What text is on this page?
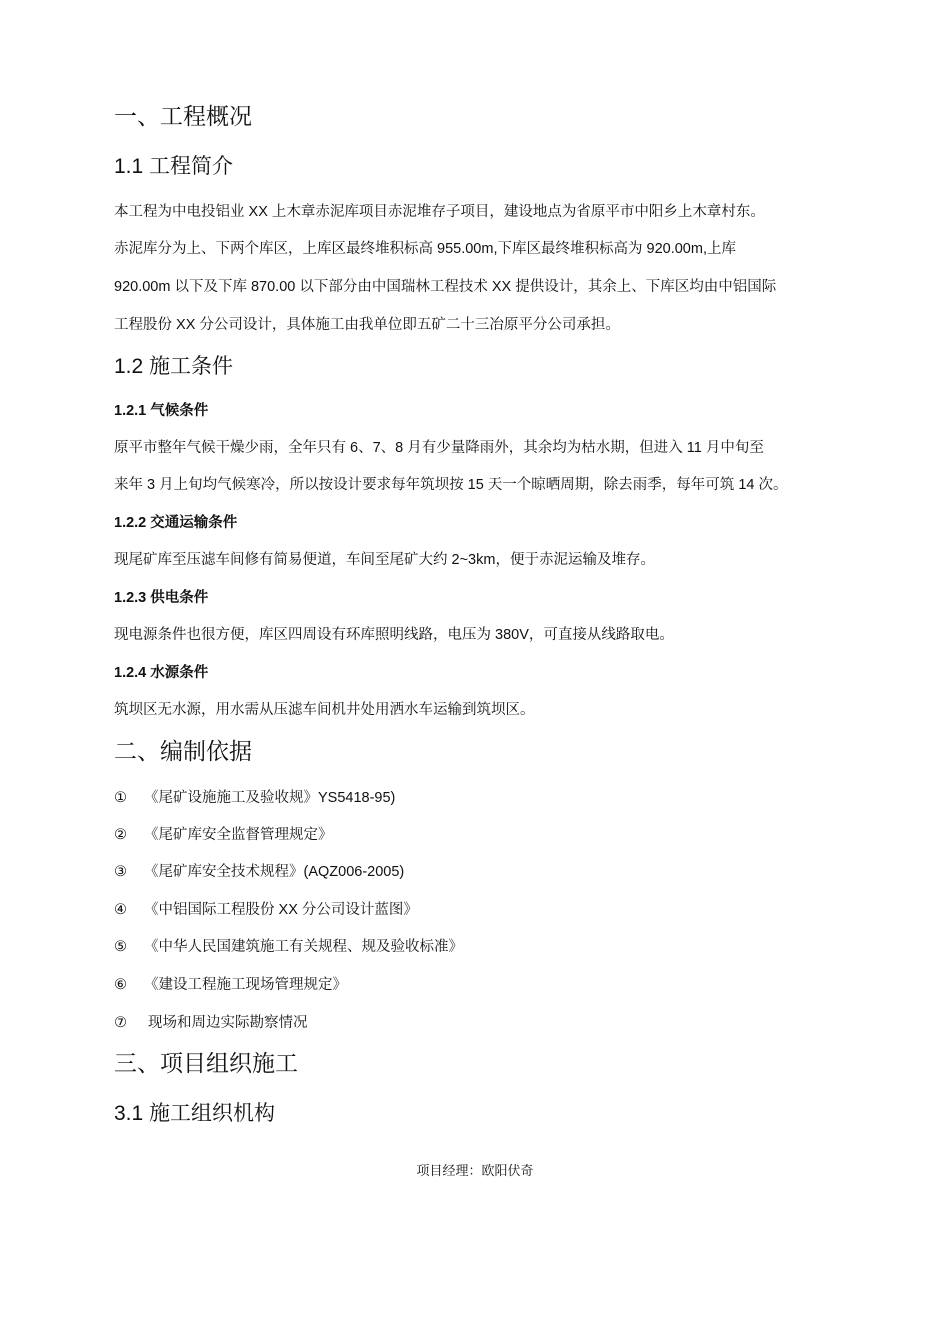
一、工程概况
1.1 工程简介

本工程为中电投铝业 XX 上木章赤泥库项目赤泥堆存子项目，建设地点为省原平市中阳乡上木章村东。

赤泥库分为上、下两个库区，上库区最终堆积标高 955.00m,下库区最终堆积标高为 920.00m,上库

920.00m 以下及下库 870.00 以下部分由中国瑞林工程技术 XX 提供设计，其余上、下库区均由中铝国际

工程股份 XX 分公司设计，具体施工由我单位即五矿二十三冶原平分公司承担。

1.2 施工条件
1.2.1 气候条件

原平市整年气候干燥少雨，全年只有 6、7、8 月有少量降雨外，其余均为枯水期，但进入 11 月中旬至

来年 3 月上旬均气候寒冷，所以按设计要求每年筑坝按 15 天一个晾晒周期，除去雨季，每年可筑 14 次。

1.2.2 交通运输条件

现尾矿库至压滤车间修有简易便道，车间至尾矿大约 2~3km，便于赤泥运输及堆存。

1.2.3 供电条件

现电源条件也很方便，库区四周设有环库照明线路，电压为 380V，可直接从线路取电。

1.2.4 水源条件

筑坝区无水源，用水需从压滤车间机井处用洒水车运输到筑坝区。

二、编制依据
① 《尾矿设施施工及验收规》YS5418-95)
② 《尾矿库安全监督管理规定》
③ 《尾矿库安全技术规程》(AQZ006-2005)
④ 《中铝国际工程股份 XX 分公司设计蓝图》
⑤ 《中华人民国建筑施工有关规程、规及验收标准》
⑥ 《建设工程施工现场管理规定》
⑦ 现场和周边实际勘察情况
三、项目组织施工
3.1 施工组织机构

项目经理：欧阳伏奇
